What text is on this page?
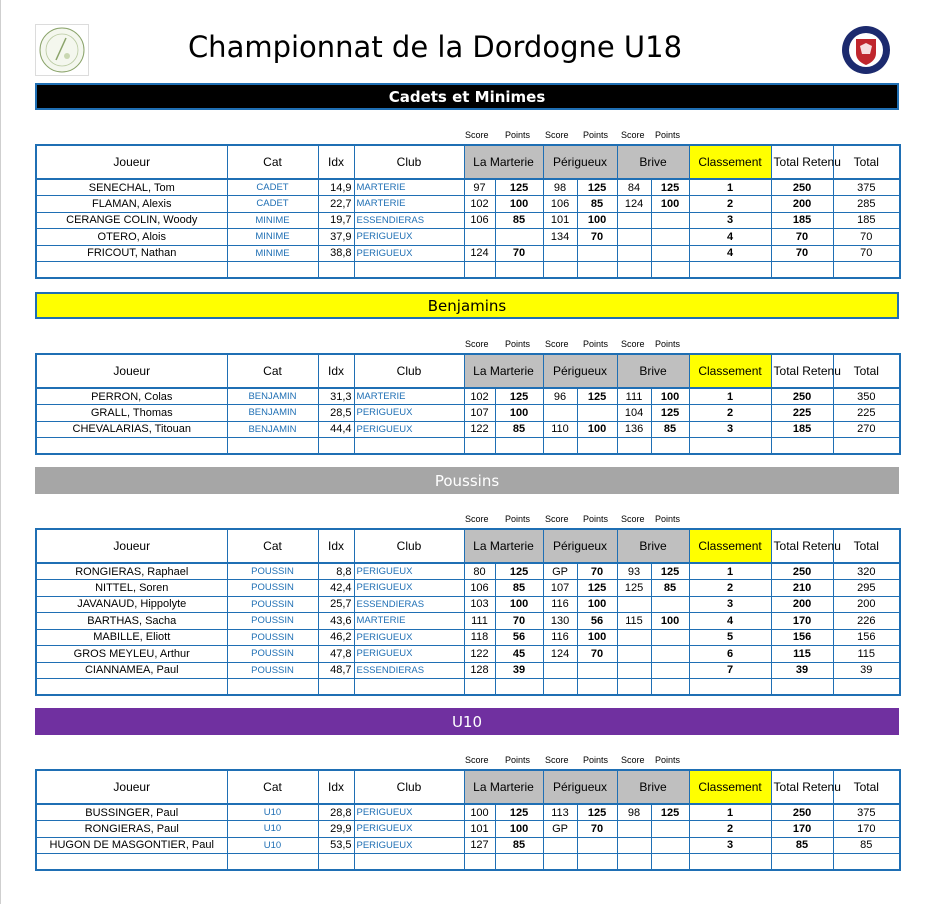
Championnat de la Dordogne U18
Cadets et Minimes
Score Points Score Points Score Points
Joueur	Cat	Idx	Club	La Marterie		Périgueux		Brive		Classement	Total Retenu	Total
SENECHAL, Tom	CADET	14,9	MARTERIE	97	125	98	125	84	125	1	250	375
FLAMAN, Alexis	CADET	22,7	MARTERIE	102	100	106	85	124	100	2	200	285
CERANGE COLIN, Woody	MINIME	19,7	ESSENDIERAS	106	85	101	100			3	185	185
OTERO, Alois	MINIME	37,9	PERIGUEUX			134	70			4	70	70
FRICOUT, Nathan	MINIME	38,8	PERIGUEUX	124	70					4	70	70

Benjamins
Score Points Score Points Score Points
Joueur	Cat	Idx	Club	La Marterie		Périgueux		Brive		Classement	Total Retenu	Total
PERRON, Colas	BENJAMIN	31,3	MARTERIE	102	125	96	125	111	100	1	250	350
GRALL, Thomas	BENJAMIN	28,5	PERIGUEUX	107	100			104	125	2	225	225
CHEVALARIAS, Titouan	BENJAMIN	44,4	PERIGUEUX	122	85	110	100	136	85	3	185	270

Poussins
Score Points Score Points Score Points
Joueur	Cat	Idx	Club	La Marterie		Périgueux		Brive		Classement	Total Retenu	Total
RONGIERAS, Raphael	POUSSIN	8,8	PERIGUEUX	80	125	GP	70	93	125	1	250	320
NITTEL, Soren	POUSSIN	42,4	PERIGUEUX	106	85	107	125	125	85	2	210	295
JAVANAUD, Hippolyte	POUSSIN	25,7	ESSENDIERAS	103	100	116	100			3	200	200
BARTHAS, Sacha	POUSSIN	43,6	MARTERIE	111	70	130	56	115	100	4	170	226
MABILLE, Eliott	POUSSIN	46,2	PERIGUEUX	118	56	116	100			5	156	156
GROS MEYLEU, Arthur	POUSSIN	47,8	PERIGUEUX	122	45	124	70			6	115	115
CIANNAMEA, Paul	POUSSIN	48,7	ESSENDIERAS	128	39					7	39	39

U10
Score Points Score Points Score Points
Joueur	Cat	Idx	Club	La Marterie		Périgueux		Brive		Classement	Total Retenu	Total
BUSSINGER, Paul	U10	28,8	PERIGUEUX	100	125	113	125	98	125	1	250	375
RONGIERAS, Paul	U10	29,9	PERIGUEUX	101	100	GP	70			2	170	170
HUGON DE MASGONTIER, Paul	U10	53,5	PERIGUEUX	127	85					3	85	85
